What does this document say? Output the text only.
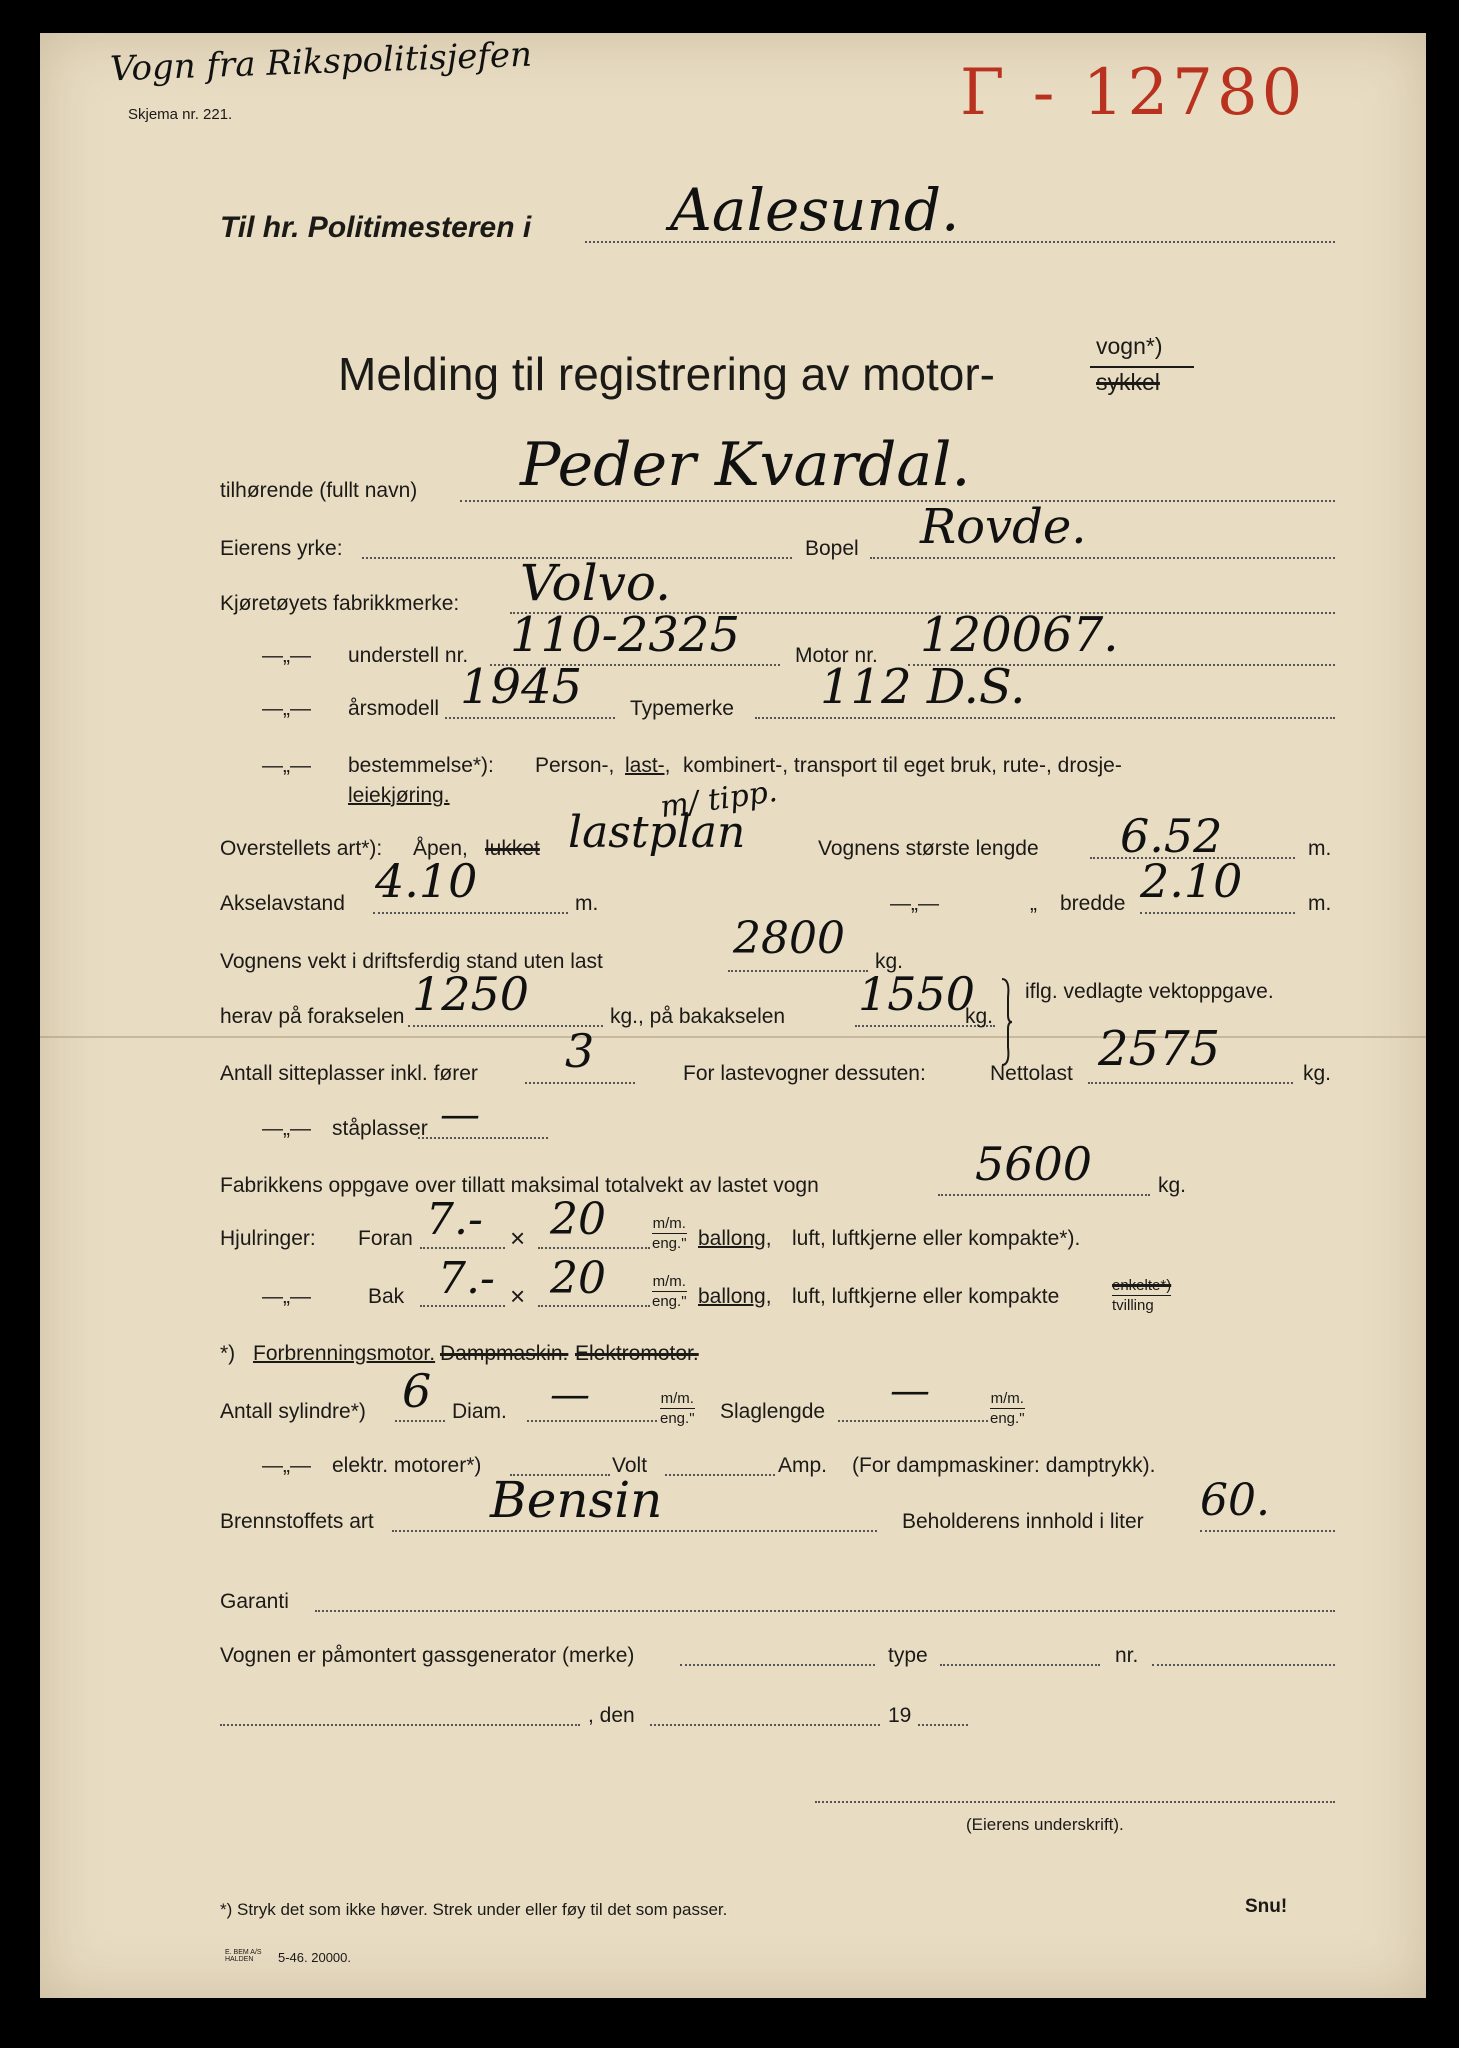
Vogn fra Rikspolitisjefen
Skjema nr. 221.	Γ - 12780
Til hr. Politimesteren i Aalesund.
Melding til registrering av motor-
vogn*)
sykkel
tilhørende (fullt navn) Peder Kvardal.
Eierens yrke:	Bopel Rovde.
Kjøretøyets fabrikkmerke: Volvo.
—„— understell nr. 110-2325	Motor nr. 120067.
—„— årsmodell 1945 Typemerke 112 D.S.
—„— bestemmelse*): Person-, last-, kombinert-, transport til eget bruk, rute-, drosje-
leiekjøring.	m/ tipp.
Overstellets art*): Åpen, lukket lastplan	Vognens største lengde 6.52	m.
Akselavstand 4.10	m.	—„—	„ bredde 2.10	m.
Vognens vekt i driftsferdig stand uten last	2800 kg.
herav på forakselen 1250	kg., på bakakselen 1550
kg.
iflg. vedlagte vektoppgave.
Antall sitteplasser inkl. fører 3	For lastevogner dessuten:	Nettolast 2575	kg.
—„— ståplasser —
Fabrikkens oppgave over tillatt maksimal totalvekt av lastet vogn	5600	kg.
Hjulringer: Foran 7.- × 20	m/m.
eng." ballong, luft, luftkjerne eller kompakte*).
—„—	Bak 7.- × 20	m/m.
eng." ballong, luft, luftkjerne eller kompakte	enkelte*)
tvilling
*) Forbrenningsmotor. Dampmaskin. Elektromotor.
Antall sylindre*) 6 Diam. —	m/m.
eng." Slaglengde —	m/m.
eng."
—„— elektr. motorer*)	Volt	Amp. (For dampmaskiner: damptrykk).
Brennstoffets art Bensin	Beholderens innhold i liter 60.
Garanti
Vognen er påmontert gassgenerator (merke)	type	nr.
, den	19
(Eierens underskrift).
*) Stryk det som ikke høver. Strek under eller føy til det som passer.	Snu!
E. BEM A/S HALDEN	5-46. 20000.
